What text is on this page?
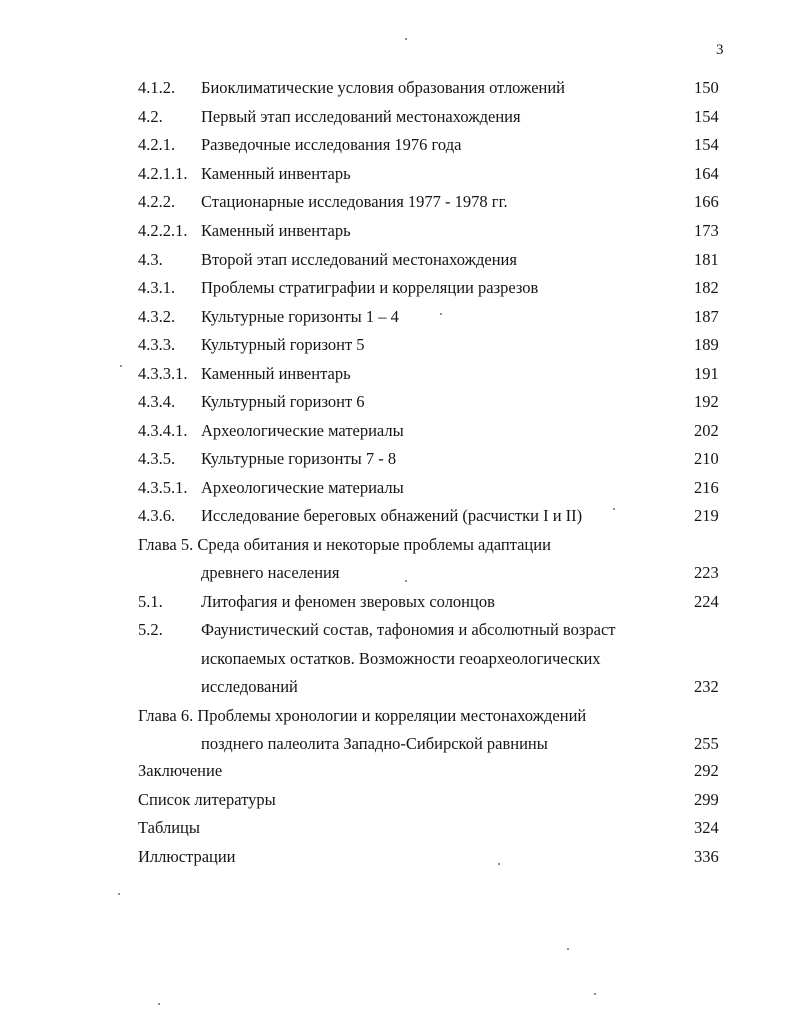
3
4.1.2. Биоклиматические условия образования отложений	150
4.2. Первый этап исследований местонахождения	154
4.2.1. Разведочные исследования 1976 года	154
4.2.1.1. Каменный инвентарь	164
4.2.2. Стационарные исследования 1977 - 1978 гг.	166
4.2.2.1. Каменный инвентарь	173
4.3. Второй этап исследований местонахождения	181
4.3.1. Проблемы стратиграфии и корреляции разрезов	182
4.3.2. Культурные горизонты 1 – 4	187
4.3.3. Культурный горизонт 5	189
4.3.3.1. Каменный инвентарь	191
4.3.4. Культурный горизонт 6	192
4.3.4.1. Археологические материалы	202
4.3.5. Культурные горизонты 7 - 8	210
4.3.5.1. Археологические материалы	216
4.3.6. Исследование береговых обнажений (расчистки I и II)	219
Глава 5. Среда обитания и некоторые проблемы адаптации
древнего населения	223
5.1. Литофагия и феномен зверовых солонцов	224
5.2. Фаунистический состав, тафономия и абсолютный возраст
ископаемых остатков. Возможности геоархеологических
исследований	232
Глава 6. Проблемы хронологии и корреляции местонахождений
позднего палеолита Западно-Сибирской равнины	255
Заключение	292
Список литературы	299
Таблицы	324
Иллюстрации	336
